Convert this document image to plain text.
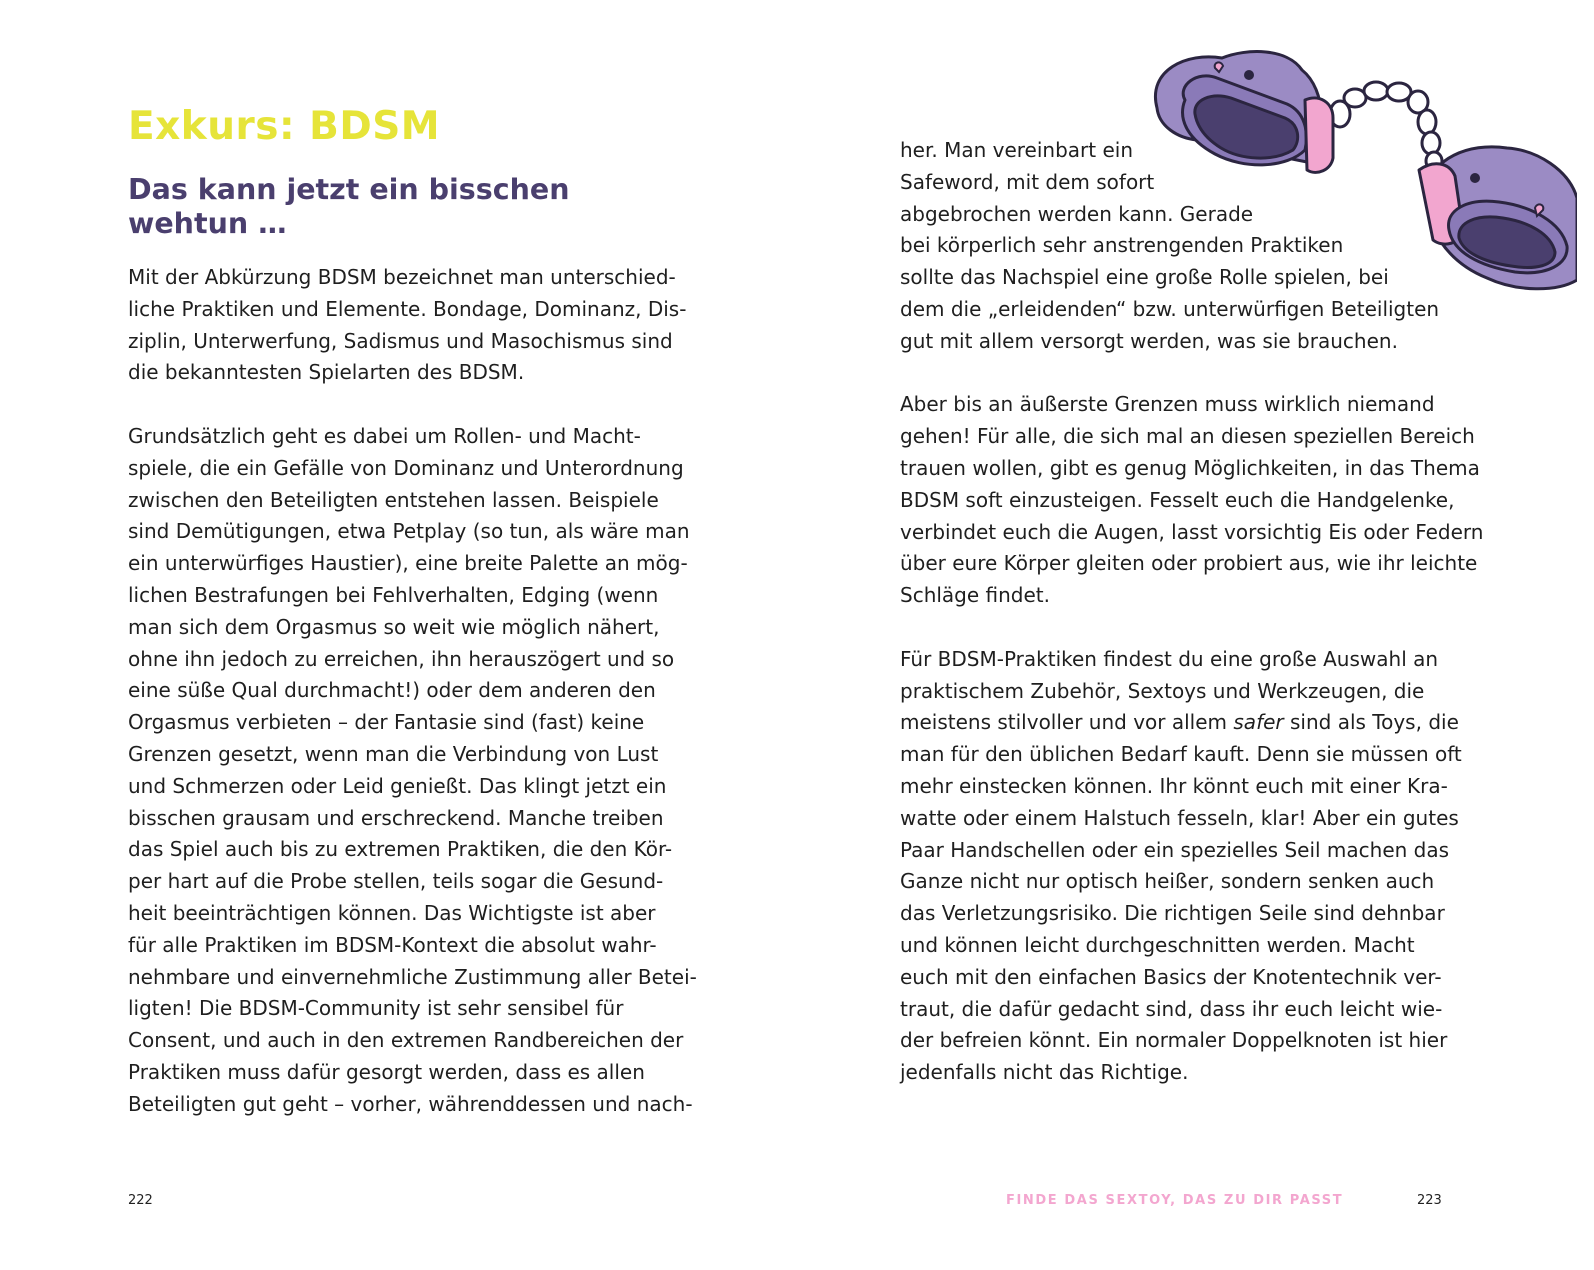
Exkurs: BDSM
Das kann jetzt ein bisschen
wehtun …

Mit der Abkürzung BDSM bezeichnet man unterschied-
liche Praktiken und Elemente. Bondage, Dominanz, Dis-
ziplin, Unterwerfung, Sadismus und Masochismus sind
die bekanntesten Spielarten des BDSM.

Grundsätzlich geht es dabei um Rollen- und Macht-
spiele, die ein Gefälle von Dominanz und Unterordnung
zwischen den Beteiligten entstehen lassen. Beispiele
sind Demütigungen, etwa Petplay (so tun, als wäre man
ein unterwürfiges Haustier), eine breite Palette an mög-
lichen Bestrafungen bei Fehlverhalten, Edging (wenn
man sich dem Orgasmus so weit wie möglich nähert,
ohne ihn jedoch zu erreichen, ihn herauszögert und so
eine süße Qual durchmacht!) oder dem anderen den
Orgasmus verbieten – der Fantasie sind (fast) keine
Grenzen gesetzt, wenn man die Verbindung von Lust
und Schmerzen oder Leid genießt. Das klingt jetzt ein
bisschen grausam und erschreckend. Manche treiben
das Spiel auch bis zu extremen Praktiken, die den Kör-
per hart auf die Probe stellen, teils sogar die Gesund-
heit beeinträchtigen können. Das Wichtigste ist aber
für alle Praktiken im BDSM-Kontext die absolut wahr-
nehmbare und einvernehmliche Zustimmung aller Betei-
ligten! Die BDSM-Community ist sehr sensibel für
Consent, und auch in den extremen Randbereichen der
Praktiken muss dafür gesorgt werden, dass es allen
Beteiligten gut geht – vorher, währenddessen und nach-

222

her. Man vereinbart ein
Safeword, mit dem sofort
abgebrochen werden kann. Gerade
bei körperlich sehr anstrengenden Praktiken
sollte das Nachspiel eine große Rolle spielen, bei
dem die „erleidenden“ bzw. unterwürfigen Beteiligten
gut mit allem versorgt werden, was sie brauchen.

Aber bis an äußerste Grenzen muss wirklich niemand
gehen! Für alle, die sich mal an diesen speziellen Bereich
trauen wollen, gibt es genug Möglichkeiten, in das Thema
BDSM soft einzusteigen. Fesselt euch die Handgelenke,
verbindet euch die Augen, lasst vorsichtig Eis oder Federn
über eure Körper gleiten oder probiert aus, wie ihr leichte
Schläge findet.

Für BDSM-Praktiken findest du eine große Auswahl an
praktischem Zubehör, Sextoys und Werkzeugen, die
meistens stilvoller und vor allem safer sind als Toys, die
man für den üblichen Bedarf kauft. Denn sie müssen oft
mehr einstecken können. Ihr könnt euch mit einer Kra-
watte oder einem Halstuch fesseln, klar! Aber ein gutes
Paar Handschellen oder ein spezielles Seil machen das
Ganze nicht nur optisch heißer, sondern senken auch
das Verletzungsrisiko. Die richtigen Seile sind dehnbar
und können leicht durchgeschnitten werden. Macht
euch mit den einfachen Basics der Knotentechnik ver-
traut, die dafür gedacht sind, dass ihr euch leicht wie-
der befreien könnt. Ein normaler Doppelknoten ist hier
jedenfalls nicht das Richtige.

FINDE DAS SEXTOY, DAS ZU DIR PASST	223
